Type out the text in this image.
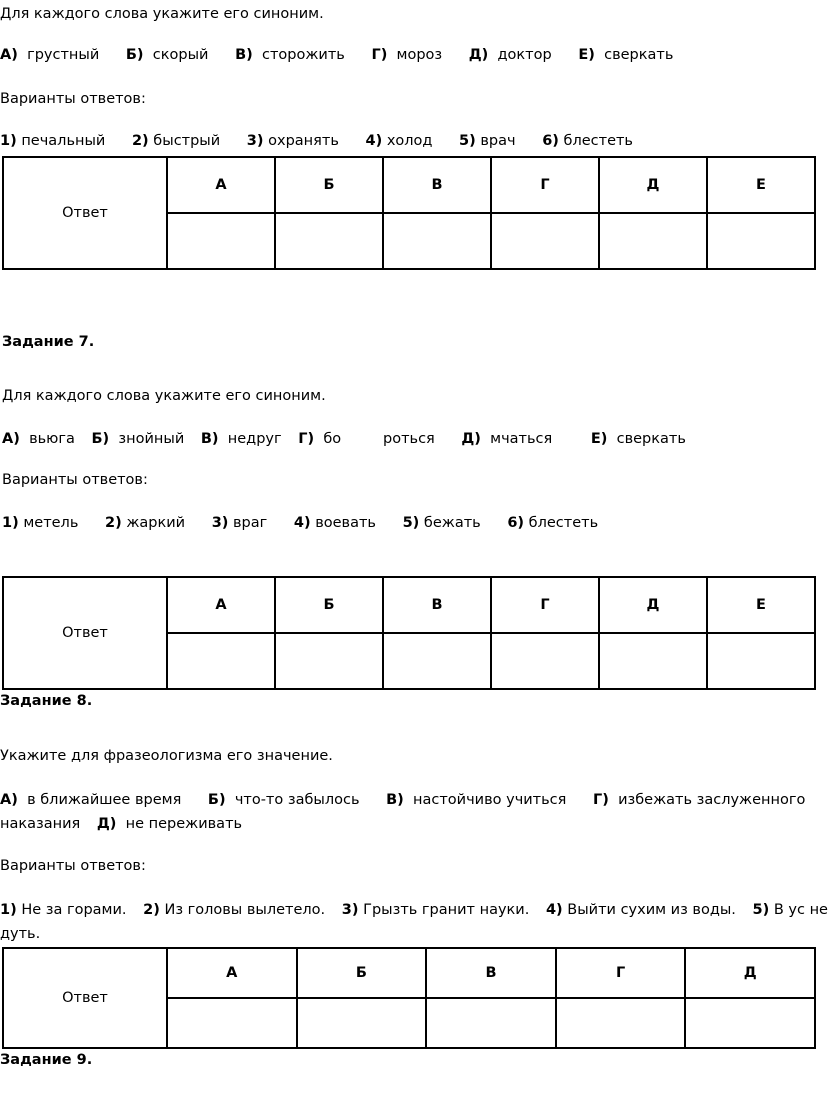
Для каждого слова укажите его синоним.
А) грустный Б) скорый В) сторожить Г) мороз Д) доктор Е) сверкать
Варианты ответов:
1) печальный 2) быстрый 3) охранять 4) холод 5) врач 6) блестеть
Ответ	А	Б	В	Г	Д	Е

Задание 7.
Для каждого слова укажите его синоним.
А) вьюга Б) знойный В) недруг Г) бо	роться Д) мчаться	Е) сверкать
Варианты ответов:
1) метель 2) жаркий 3) враг 4) воевать 5) бежать 6) блестеть
Ответ	А	Б	В	Г	Д	Е

Задание 8.
Укажите для фразеологизма его значение.
А) в ближайшее время Б) что-то забылось В) настойчиво учиться Г) избежать заслуженного
наказания Д) не переживать
Варианты ответов:
1) Не за горами. 2) Из головы вылетело. 3) Грызть гранит науки. 4) Выйти сухим из воды. 5) В ус не
дуть.
Ответ	А	Б	В	Г	Д

Задание 9.
